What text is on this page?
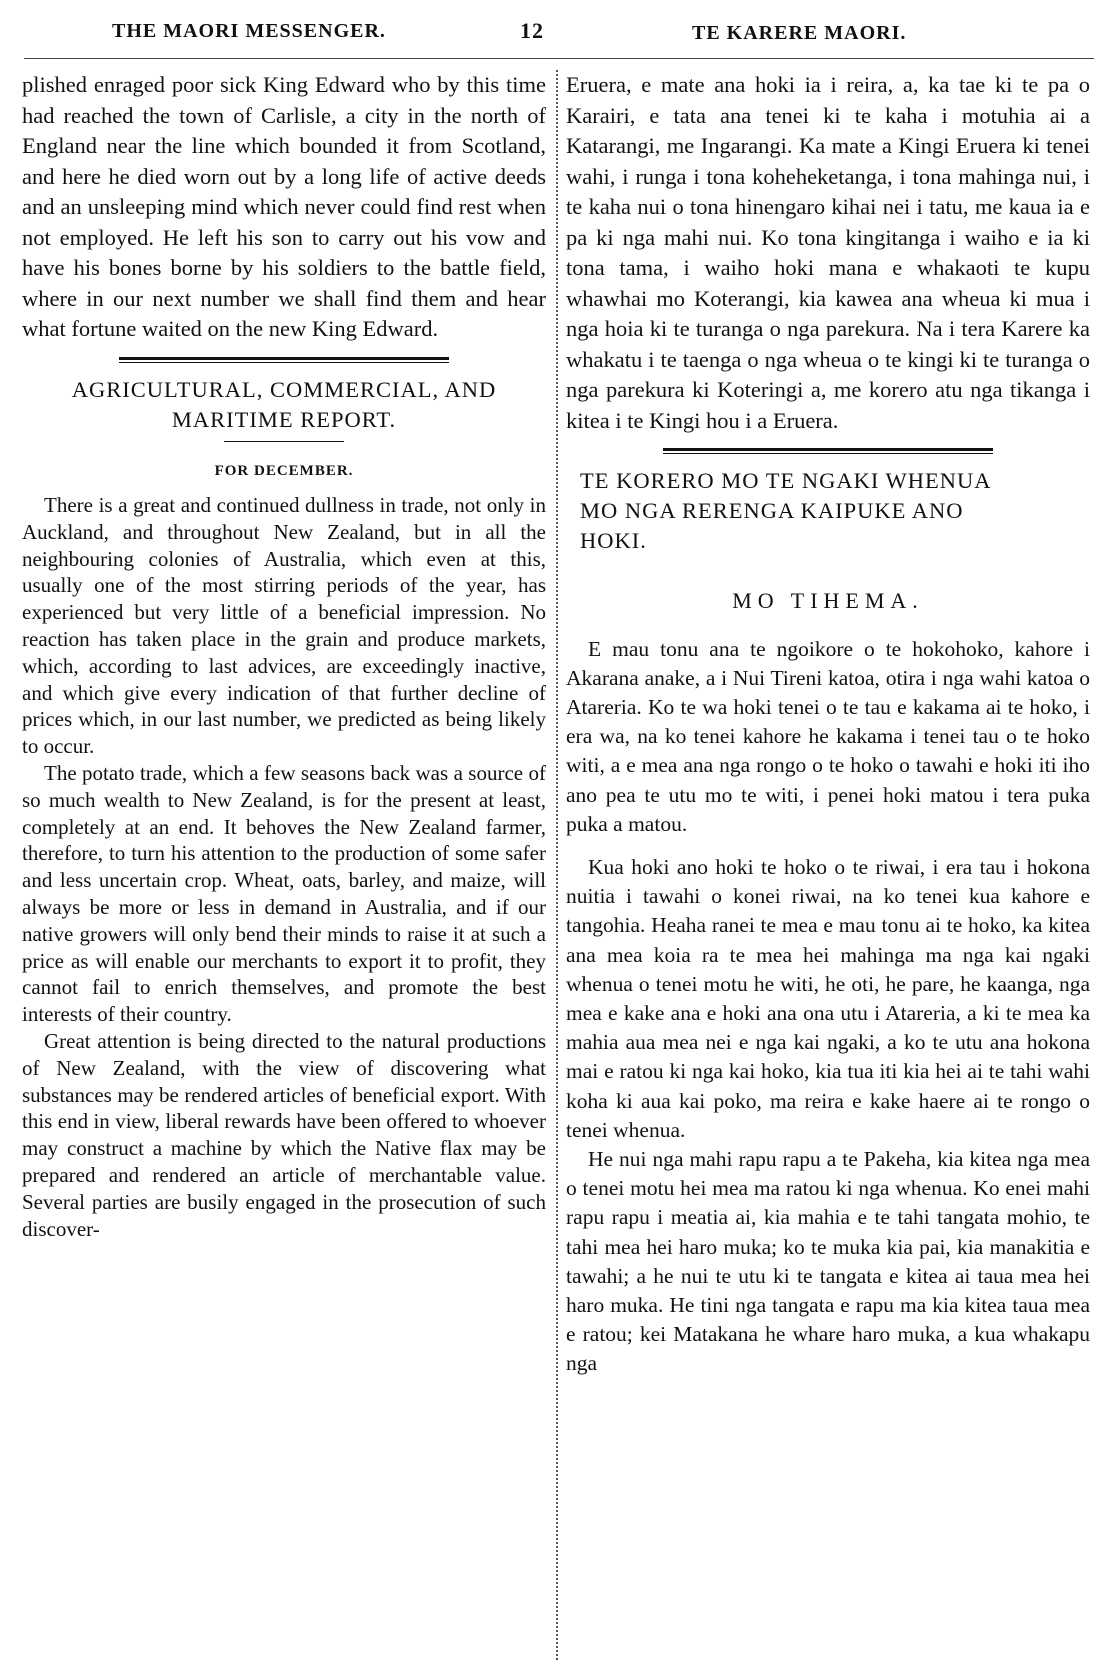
THE MAORI MESSENGER.	12	TE KARERE MAORI.

plished enraged poor sick King Edward who by this time had reached the town of Carlisle, a city in the north of England near the line which bounded it from Scotland, and here he died worn out by a long life of active deeds and an unsleeping mind which never could find rest when not employed. He left his son to carry out his vow and have his bones borne by his soldiers to the battle field, where in our next number we shall find them and hear what fortune waited on the new King Edward.

AGRICULTURAL, COMMERCIAL, AND
MARITIME REPORT.
FOR DECEMBER.

There is a great and continued dullness in trade, not only in Auckland, and throughout New Zealand, but in all the neighbouring colonies of Australia, which even at this, usually one of the most stirring periods of the year, has experienced but very little of a beneficial impression. No reaction has taken place in the grain and produce markets, which, according to last advices, are exceedingly inactive, and which give every indication of that further decline of prices which, in our last number, we predicted as being likely to occur.

The potato trade, which a few seasons back was a source of so much wealth to New Zealand, is for the present at least, completely at an end. It behoves the New Zealand farmer, therefore, to turn his attention to the production of some safer and less uncertain crop. Wheat, oats, barley, and maize, will always be more or less in demand in Australia, and if our native growers will only bend their minds to raise it at such a price as will enable our merchants to export it to profit, they cannot fail to enrich themselves, and promote the best interests of their country.

Great attention is being directed to the natural productions of New Zealand, with the view of discovering what substances may be rendered articles of beneficial export. With this end in view, liberal rewards have been offered to whoever may construct a machine by which the Native flax may be prepared and rendered an article of merchantable value. Several parties are busily engaged in the prosecution of such discover-

Eruera, e mate ana hoki ia i reira, a, ka tae ki te pa o Karairi, e tata ana tenei ki te kaha i motuhia ai a Katarangi, me Ingarangi. Ka mate a Kingi Eruera ki tenei wahi, i runga i tona koheheketanga, i tona mahinga nui, i te kaha nui o tona hinengaro kihai nei i tatu, me kaua ia e pa ki nga mahi nui. Ko tona kingitanga i waiho e ia ki tona tama, i waiho hoki mana e whakaoti te kupu whawhai mo Koterangi, kia kawea ana wheua ki mua i nga hoia ki te turanga o nga parekura. Na i tera Karere ka whakatu i te taenga o nga wheua o te kingi ki te turanga o nga parekura ki Koteringi a, me korero atu nga tikanga i kitea i te Kingi hou i a Eruera.

TE KORERO MO TE NGAKI WHENUA
MO NGA RERENGA KAIPUKE ANO
HOKI.
MO TIHEMA.

E mau tonu ana te ngoikore o te hokohoko, kahore i Akarana anake, a i Nui Tireni katoa, otira i nga wahi katoa o Atareria. Ko te wa hoki tenei o te tau e kakama ai te hoko, i era wa, na ko tenei kahore he kakama i tenei tau o te hoko witi, a e mea ana nga rongo o te hoko o tawahi e hoki iti iho ano pea te utu mo te witi, i penei hoki matou i tera puka puka a matou.

Kua hoki ano hoki te hoko o te riwai, i era tau i hokona nuitia i tawahi o konei riwai, na ko tenei kua kahore e tangohia. Heaha ranei te mea e mau tonu ai te hoko, ka kitea ana mea koia ra te mea hei mahinga ma nga kai ngaki whenua o tenei motu he witi, he oti, he pare, he kaanga, nga mea e kake ana e hoki ana ona utu i Atareria, a ki te mea ka mahia aua mea nei e nga kai ngaki, a ko te utu ana hokona mai e ratou ki nga kai hoko, kia tua iti kia hei ai te tahi wahi koha ki aua kai poko, ma reira e kake haere ai te rongo o tenei whenua.

He nui nga mahi rapu rapu a te Pakeha, kia kitea nga mea o tenei motu hei mea ma ratou ki nga whenua. Ko enei mahi rapu rapu i meatia ai, kia mahia e te tahi tangata mohio, te tahi mea hei haro muka; ko te muka kia pai, kia manakitia e tawahi; a he nui te utu ki te tangata e kitea ai taua mea hei haro muka. He tini nga tangata e rapu ma kia kitea taua mea e ratou; kei Matakana he whare haro muka, a kua whakapu nga
